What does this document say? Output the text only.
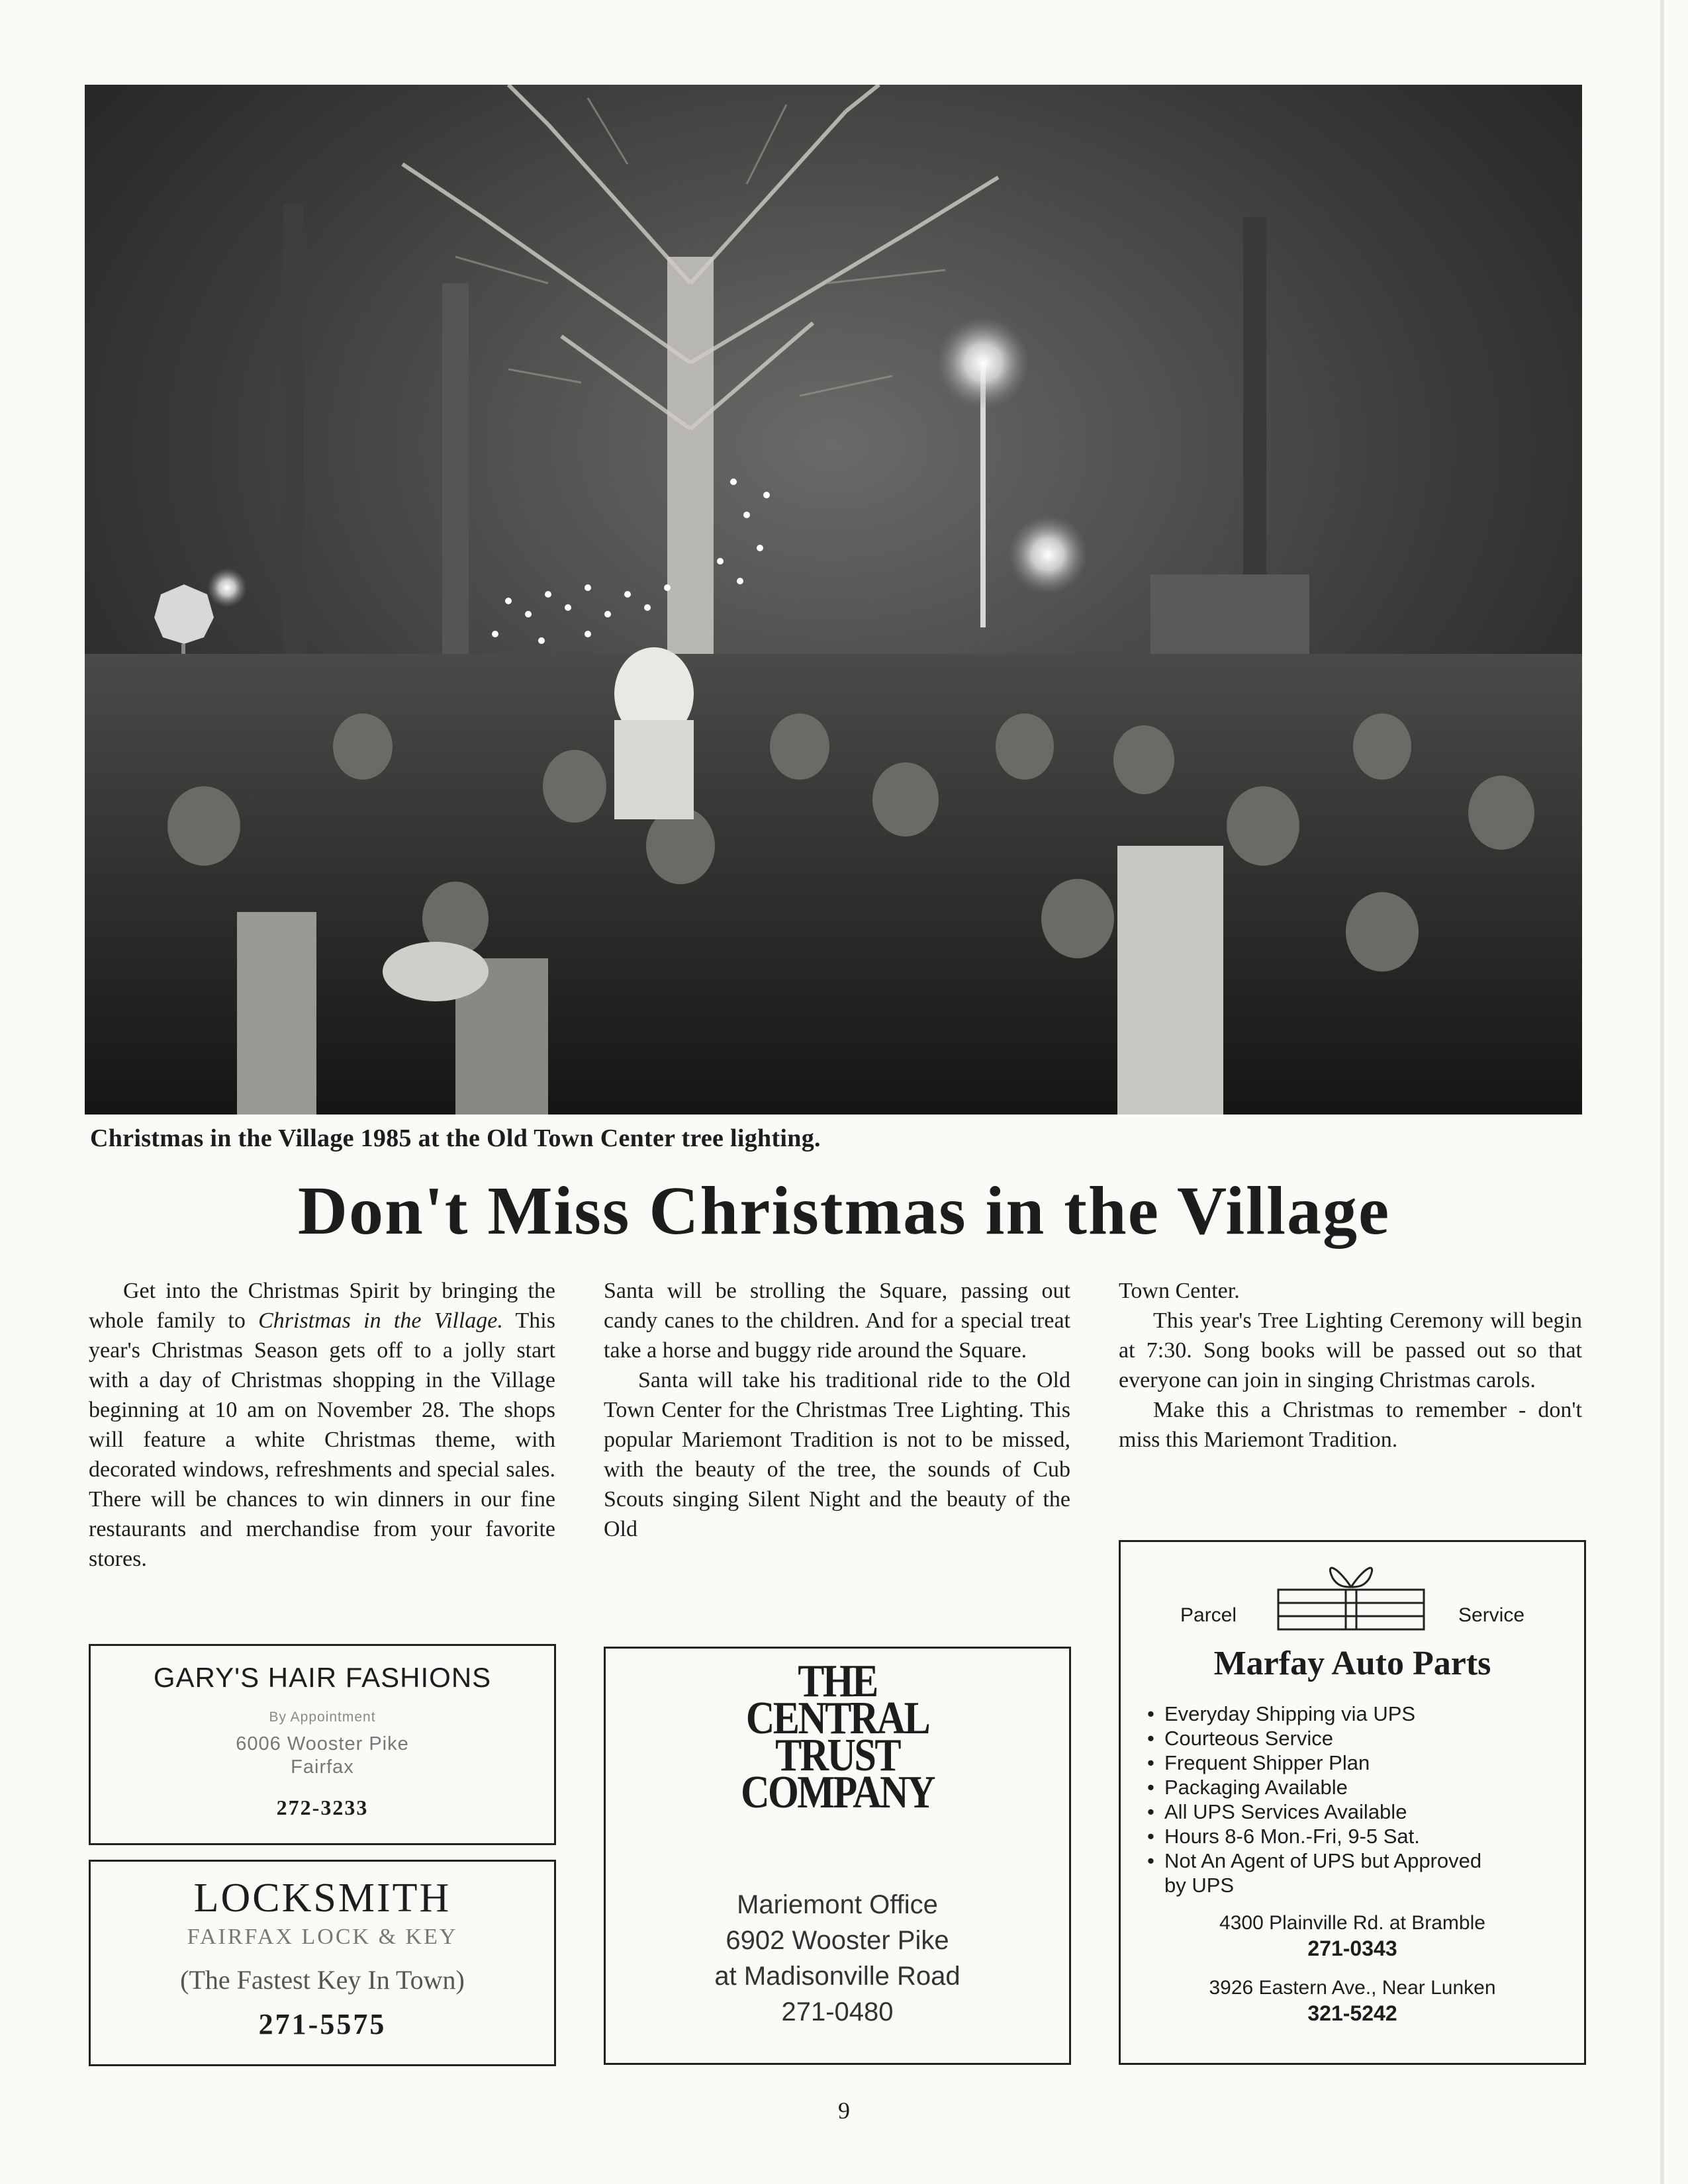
Christmas in the Village 1985 at the Old Town Center tree lighting.
Don't Miss Christmas in the Village

Get into the Christmas Spirit by bringing the whole family to Christmas in the Village. This year's Christmas Season gets off to a jolly start with a day of Christmas shopping in the Village beginning at 10 am on November 28. The shops will feature a white Christmas theme, with decorated windows, refreshments and special sales. There will be chances to win dinners in our fine restaurants and merchandise from your favorite stores.

Santa will be strolling the Square, passing out candy canes to the children. And for a special treat take a horse and buggy ride around the Square.

Santa will take his traditional ride to the Old Town Center for the Christmas Tree Lighting. This popular Mariemont Tradition is not to be missed, with the beauty of the tree, the sounds of Cub Scouts singing Silent Night and the beauty of the Old

Town Center.

This year's Tree Lighting Ceremony will begin at 7:30. Song books will be passed out so that everyone can join in singing Christmas carols.

Make this a Christmas to remember - don't miss this Mariemont Tradition.

Parcel	Service
Marfay Auto Parts
• Everyday Shipping via UPS
• Courteous Service
• Frequent Shipper Plan
• Packaging Available
• All UPS Services Available
• Hours 8-6 Mon.-Fri, 9-5 Sat.
• Not An Agent of UPS but Approved
by UPS
4300 Plainville Rd. at Bramble
271-0343
3926 Eastern Ave., Near Lunken
321-5242
GARY'S HAIR FASHIONS
By Appointment
6006 Wooster Pike
Fairfax
272-3233
LOCKSMITH
FAIRFAX LOCK & KEY
(The Fastest Key In Town)
271-5575
THE
CENTRAL
TRUST
COMPANY
Mariemont Office
6902 Wooster Pike
at Madisonville Road
271-0480
9
